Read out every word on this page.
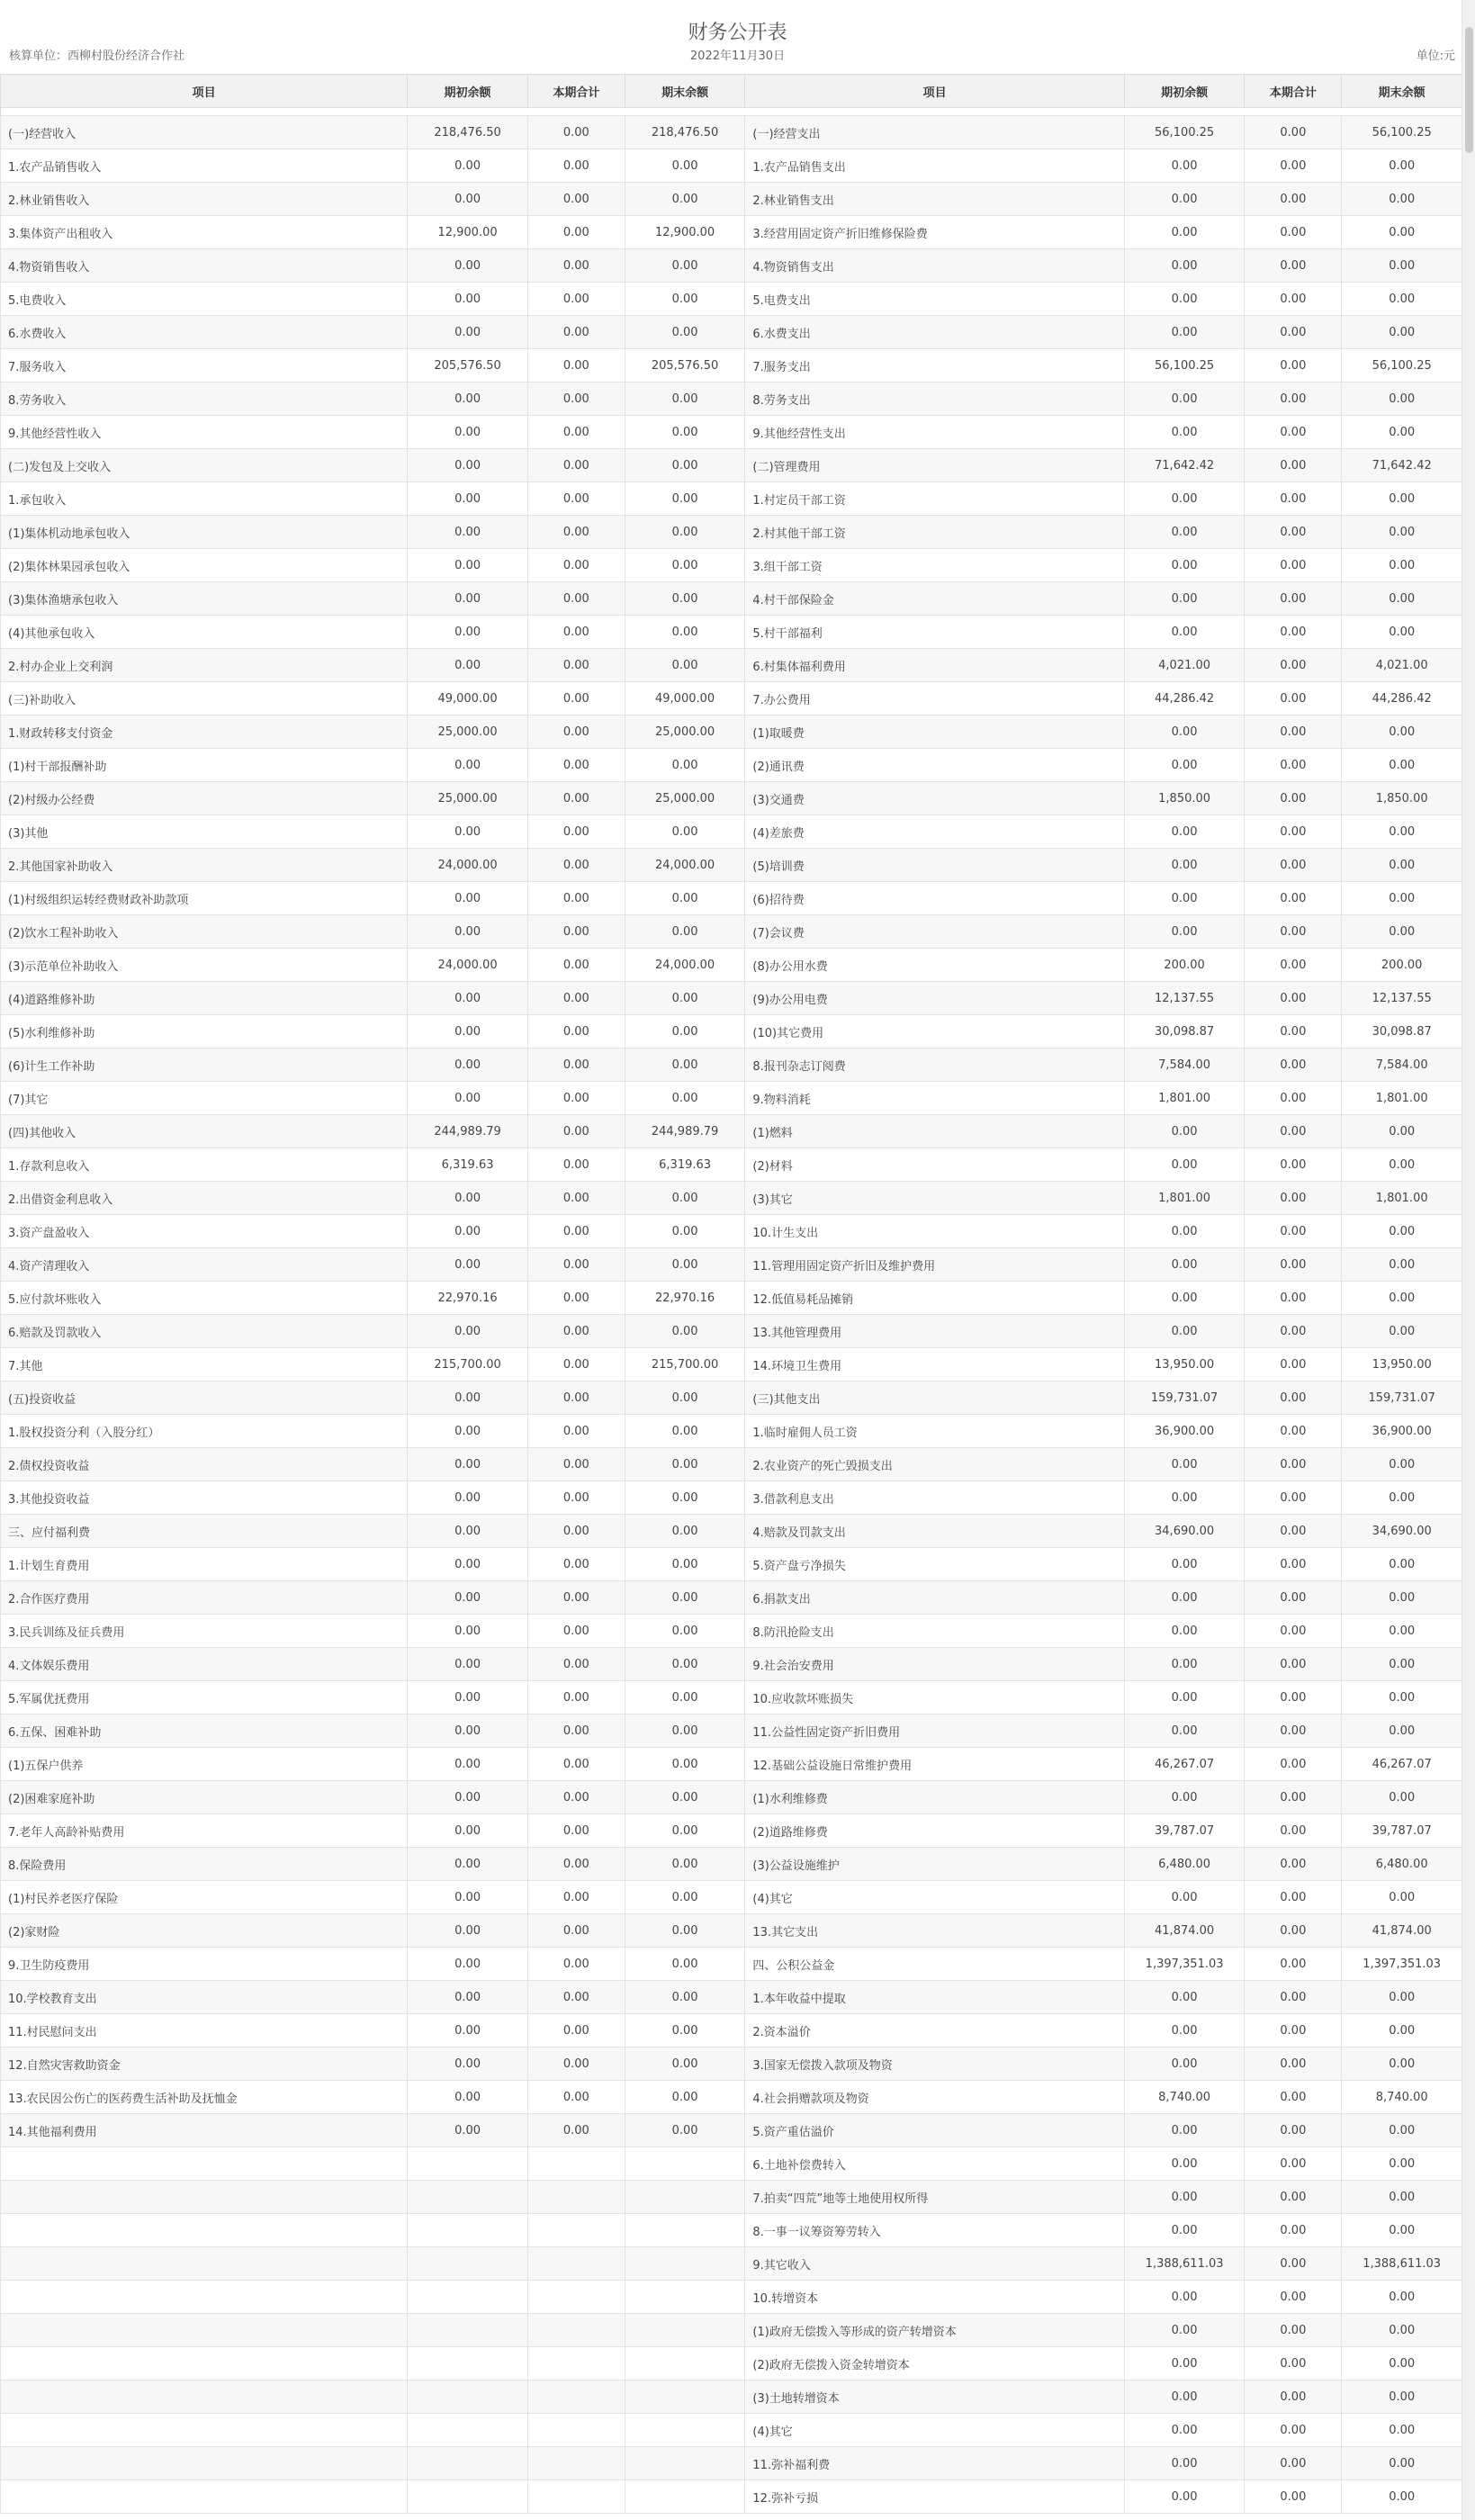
财务公开表
核算单位：西柳村股份经济合作社	2022年11月30日	单位:元
项目	期初余额	本期合计	期末余额	项目	期初余额	本期合计	期末余额

(一)经营收入	218,476.50	0.00	218,476.50	(一)经营支出	56,100.25	0.00	56,100.25
1.农产品销售收入	0.00	0.00	0.00	1.农产品销售支出	0.00	0.00	0.00
2.林业销售收入	0.00	0.00	0.00	2.林业销售支出	0.00	0.00	0.00
3.集体资产出租收入	12,900.00	0.00	12,900.00	3.经营用固定资产折旧维修保险费	0.00	0.00	0.00
4.物资销售收入	0.00	0.00	0.00	4.物资销售支出	0.00	0.00	0.00
5.电费收入	0.00	0.00	0.00	5.电费支出	0.00	0.00	0.00
6.水费收入	0.00	0.00	0.00	6.水费支出	0.00	0.00	0.00
7.服务收入	205,576.50	0.00	205,576.50	7.服务支出	56,100.25	0.00	56,100.25
8.劳务收入	0.00	0.00	0.00	8.劳务支出	0.00	0.00	0.00
9.其他经营性收入	0.00	0.00	0.00	9.其他经营性支出	0.00	0.00	0.00
(二)发包及上交收入	0.00	0.00	0.00	(二)管理费用	71,642.42	0.00	71,642.42
1.承包收入	0.00	0.00	0.00	1.村定员干部工资	0.00	0.00	0.00
(1)集体机动地承包收入	0.00	0.00	0.00	2.村其他干部工资	0.00	0.00	0.00
(2)集体林果园承包收入	0.00	0.00	0.00	3.组干部工资	0.00	0.00	0.00
(3)集体渔塘承包收入	0.00	0.00	0.00	4.村干部保险金	0.00	0.00	0.00
(4)其他承包收入	0.00	0.00	0.00	5.村干部福利	0.00	0.00	0.00
2.村办企业上交利润	0.00	0.00	0.00	6.村集体福利费用	4,021.00	0.00	4,021.00
(三)补助收入	49,000.00	0.00	49,000.00	7.办公费用	44,286.42	0.00	44,286.42
1.财政转移支付资金	25,000.00	0.00	25,000.00	(1)取暖费	0.00	0.00	0.00
(1)村干部报酬补助	0.00	0.00	0.00	(2)通讯费	0.00	0.00	0.00
(2)村级办公经费	25,000.00	0.00	25,000.00	(3)交通费	1,850.00	0.00	1,850.00
(3)其他	0.00	0.00	0.00	(4)差旅费	0.00	0.00	0.00
2.其他国家补助收入	24,000.00	0.00	24,000.00	(5)培训费	0.00	0.00	0.00
(1)村级组织运转经费财政补助款项	0.00	0.00	0.00	(6)招待费	0.00	0.00	0.00
(2)饮水工程补助收入	0.00	0.00	0.00	(7)会议费	0.00	0.00	0.00
(3)示范单位补助收入	24,000.00	0.00	24,000.00	(8)办公用水费	200.00	0.00	200.00
(4)道路维修补助	0.00	0.00	0.00	(9)办公用电费	12,137.55	0.00	12,137.55
(5)水利维修补助	0.00	0.00	0.00	(10)其它费用	30,098.87	0.00	30,098.87
(6)计生工作补助	0.00	0.00	0.00	8.报刊杂志订阅费	7,584.00	0.00	7,584.00
(7)其它	0.00	0.00	0.00	9.物料消耗	1,801.00	0.00	1,801.00
(四)其他收入	244,989.79	0.00	244,989.79	(1)燃料	0.00	0.00	0.00
1.存款利息收入	6,319.63	0.00	6,319.63	(2)材料	0.00	0.00	0.00
2.出借资金利息收入	0.00	0.00	0.00	(3)其它	1,801.00	0.00	1,801.00
3.资产盘盈收入	0.00	0.00	0.00	10.计生支出	0.00	0.00	0.00
4.资产清理收入	0.00	0.00	0.00	11.管理用固定资产折旧及维护费用	0.00	0.00	0.00
5.应付款坏账收入	22,970.16	0.00	22,970.16	12.低值易耗品摊销	0.00	0.00	0.00
6.赔款及罚款收入	0.00	0.00	0.00	13.其他管理费用	0.00	0.00	0.00
7.其他	215,700.00	0.00	215,700.00	14.环境卫生费用	13,950.00	0.00	13,950.00
(五)投资收益	0.00	0.00	0.00	(三)其他支出	159,731.07	0.00	159,731.07
1.股权投资分利（入股分红）	0.00	0.00	0.00	1.临时雇佣人员工资	36,900.00	0.00	36,900.00
2.债权投资收益	0.00	0.00	0.00	2.农业资产的死亡毁损支出	0.00	0.00	0.00
3.其他投资收益	0.00	0.00	0.00	3.借款利息支出	0.00	0.00	0.00
三、应付福利费	0.00	0.00	0.00	4.赔款及罚款支出	34,690.00	0.00	34,690.00
1.计划生育费用	0.00	0.00	0.00	5.资产盘亏净损失	0.00	0.00	0.00
2.合作医疗费用	0.00	0.00	0.00	6.捐款支出	0.00	0.00	0.00
3.民兵训练及征兵费用	0.00	0.00	0.00	8.防汛抢险支出	0.00	0.00	0.00
4.文体娱乐费用	0.00	0.00	0.00	9.社会治安费用	0.00	0.00	0.00
5.军属优抚费用	0.00	0.00	0.00	10.应收款坏账损失	0.00	0.00	0.00
6.五保、困难补助	0.00	0.00	0.00	11.公益性固定资产折旧费用	0.00	0.00	0.00
(1)五保户供养	0.00	0.00	0.00	12.基础公益设施日常维护费用	46,267.07	0.00	46,267.07
(2)困难家庭补助	0.00	0.00	0.00	(1)水利维修费	0.00	0.00	0.00
7.老年人高龄补贴费用	0.00	0.00	0.00	(2)道路维修费	39,787.07	0.00	39,787.07
8.保险费用	0.00	0.00	0.00	(3)公益设施维护	6,480.00	0.00	6,480.00
(1)村民养老医疗保险	0.00	0.00	0.00	(4)其它	0.00	0.00	0.00
(2)家财险	0.00	0.00	0.00	13.其它支出	41,874.00	0.00	41,874.00
9.卫生防疫费用	0.00	0.00	0.00	四、公积公益金	1,397,351.03	0.00	1,397,351.03
10.学校教育支出	0.00	0.00	0.00	1.本年收益中提取	0.00	0.00	0.00
11.村民慰问支出	0.00	0.00	0.00	2.资本溢价	0.00	0.00	0.00
12.自然灾害救助资金	0.00	0.00	0.00	3.国家无偿拨入款项及物资	0.00	0.00	0.00
13.农民因公伤亡的医药费生活补助及抚恤金	0.00	0.00	0.00	4.社会捐赠款项及物资	8,740.00	0.00	8,740.00
14.其他福利费用	0.00	0.00	0.00	5.资产重估溢价	0.00	0.00	0.00
				6.土地补偿费转入	0.00	0.00	0.00
				7.拍卖“四荒”地等土地使用权所得	0.00	0.00	0.00
				8.一事一议筹资筹劳转入	0.00	0.00	0.00
				9.其它收入	1,388,611.03	0.00	1,388,611.03
				10.转增资本	0.00	0.00	0.00
				(1)政府无偿拨入等形成的资产转增资本	0.00	0.00	0.00
				(2)政府无偿拨入资金转增资本	0.00	0.00	0.00
				(3)土地转增资本	0.00	0.00	0.00
				(4)其它	0.00	0.00	0.00
				11.弥补福利费	0.00	0.00	0.00
				12.弥补亏损	0.00	0.00	0.00
